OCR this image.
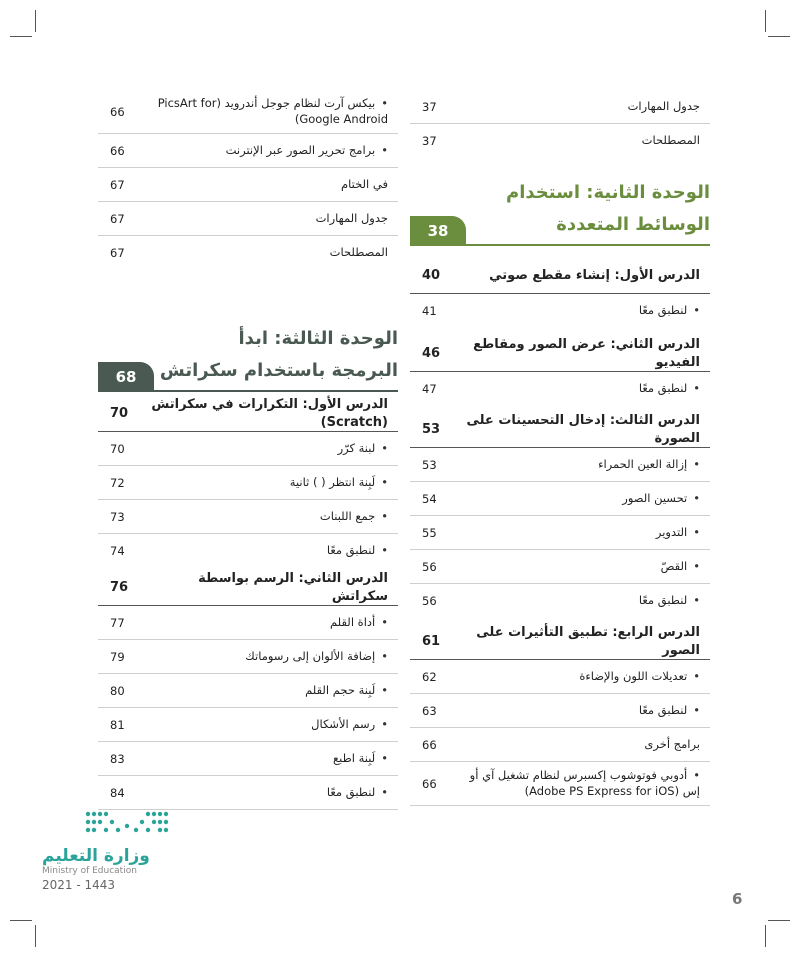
• بيكس آرت لنظام جوجل أندرويد (PicsArt for Google Android)
66
• برامج تحرير الصور عبر الإنترنت
66
في الختام
67
جدول المهارات
67
المصطلحات
67
الوحدة الثالثة: ابدأ
البرمجة باستخدام سكراتش
68
الدرس الأول: التكرارات في سكراتش (Scratch)
70
• لبنة كرّر
70
• لَبِنة انتظر ( ) ثانية
72
• جمع اللبنات
73
• لنطبق معًا
74
الدرس الثاني: الرسم بواسطة سكراتش
76
• أداة القلم
77
• إضافة الألوان إلى رسوماتك
79
• لَبِنة حجم القلم
80
• رسم الأشكال
81
• لَبِنة اطبع
83
• لنطبق معًا
84
جدول المهارات
37
المصطلحات
37
الوحدة الثانية: استخدام
الوسائط المتعددة
38
الدرس الأول: إنشاء مقطع صوتي
40
• لنطبق معًا
41
الدرس الثاني: عرض الصور ومقاطع الفيديو
46
• لنطبق معًا
47
الدرس الثالث: إدخال التحسينات على الصورة
53
• إزالة العين الحمراء
53
• تحسين الصور
54
• التدوير
55
• القصّ
56
• لنطبق معًا
56
الدرس الرابع: تطبيق التأثيرات على الصور
61
• تعديلات اللون والإضاءة
62
• لنطبق معًا
63
برامج أخرى
66
• أدوبي فوتوشوب إكسبرس لنظام تشغيل آي أو إس (Adobe PS Express for iOS)
66
وزارة التعليم
Ministry of Education
2021 - 1443
6
